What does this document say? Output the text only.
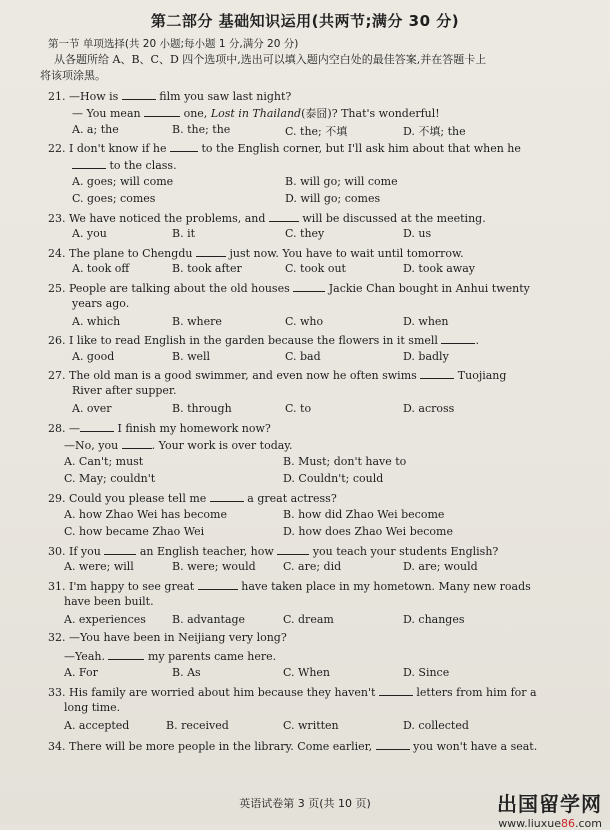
第二部分 基础知识运用(共两节;满分 30 分)
第一节 单项选择(共 20 小题;每小题 1 分,满分 20 分)
从各题所给 A、B、C、D 四个选项中,选出可以填入题内空白处的最佳答案,并在答题卡上
将该项涂黑。
21. —How is	film you saw last night?
— You mean	one, Lost in Thailand(泰囧)? That's wonderful!
A. a; the	B. the; the	C. the; 不填	D. 不填; the
22. I don't know if he	to the English corner, but I'll ask him about that when he
to the class.
A. goes; will come	B. will go; will come
C. goes; comes	D. will go; comes
23. We have noticed the problems, and	will be discussed at the meeting.
A. you	B. it	C. they	D. us
24. The plane to Chengdu	just now. You have to wait until tomorrow.
A. took off	B. took after	C. took out	D. took away
25. People are talking about the old houses	Jackie Chan bought in Anhui twenty
years ago.
A. which	B. where	C. who	D. when
26. I like to read English in the garden because the flowers in it smell	.
A. good	B. well	C. bad	D. badly
27. The old man is a good swimmer, and even now he often swims	Tuojiang
River after supper.
A. over	B. through	C. to	D. across
28. —	I finish my homework now?
—No, you	. Your work is over today.
A. Can't; must	B. Must; don't have to
C. May; couldn't	D. Couldn't; could
29. Could you please tell me	a great actress?
A. how Zhao Wei has become	B. how did Zhao Wei become
C. how became Zhao Wei	D. how does Zhao Wei become
30. If you	an English teacher, how	you teach your students English?
A. were; will	B. were; would C. are; did	D. are; would
31. I'm happy to see great	have taken place in my hometown. Many new roads
have been built.
A. experiences B. advantage	C. dream	D. changes
32. —You have been in Neijiang very long?
—Yeah.	my parents came here.
A. For	B. As	C. When	D. Since
33. His family are worried about him because they haven't	letters from him for a
long time.
A. accepted	B. received	C. written	D. collected
34. There will be more people in the library. Come earlier,	you won't have a seat.
英语试卷第 3 页(共 10 页)	出国留学网
www.liuxue86.com
